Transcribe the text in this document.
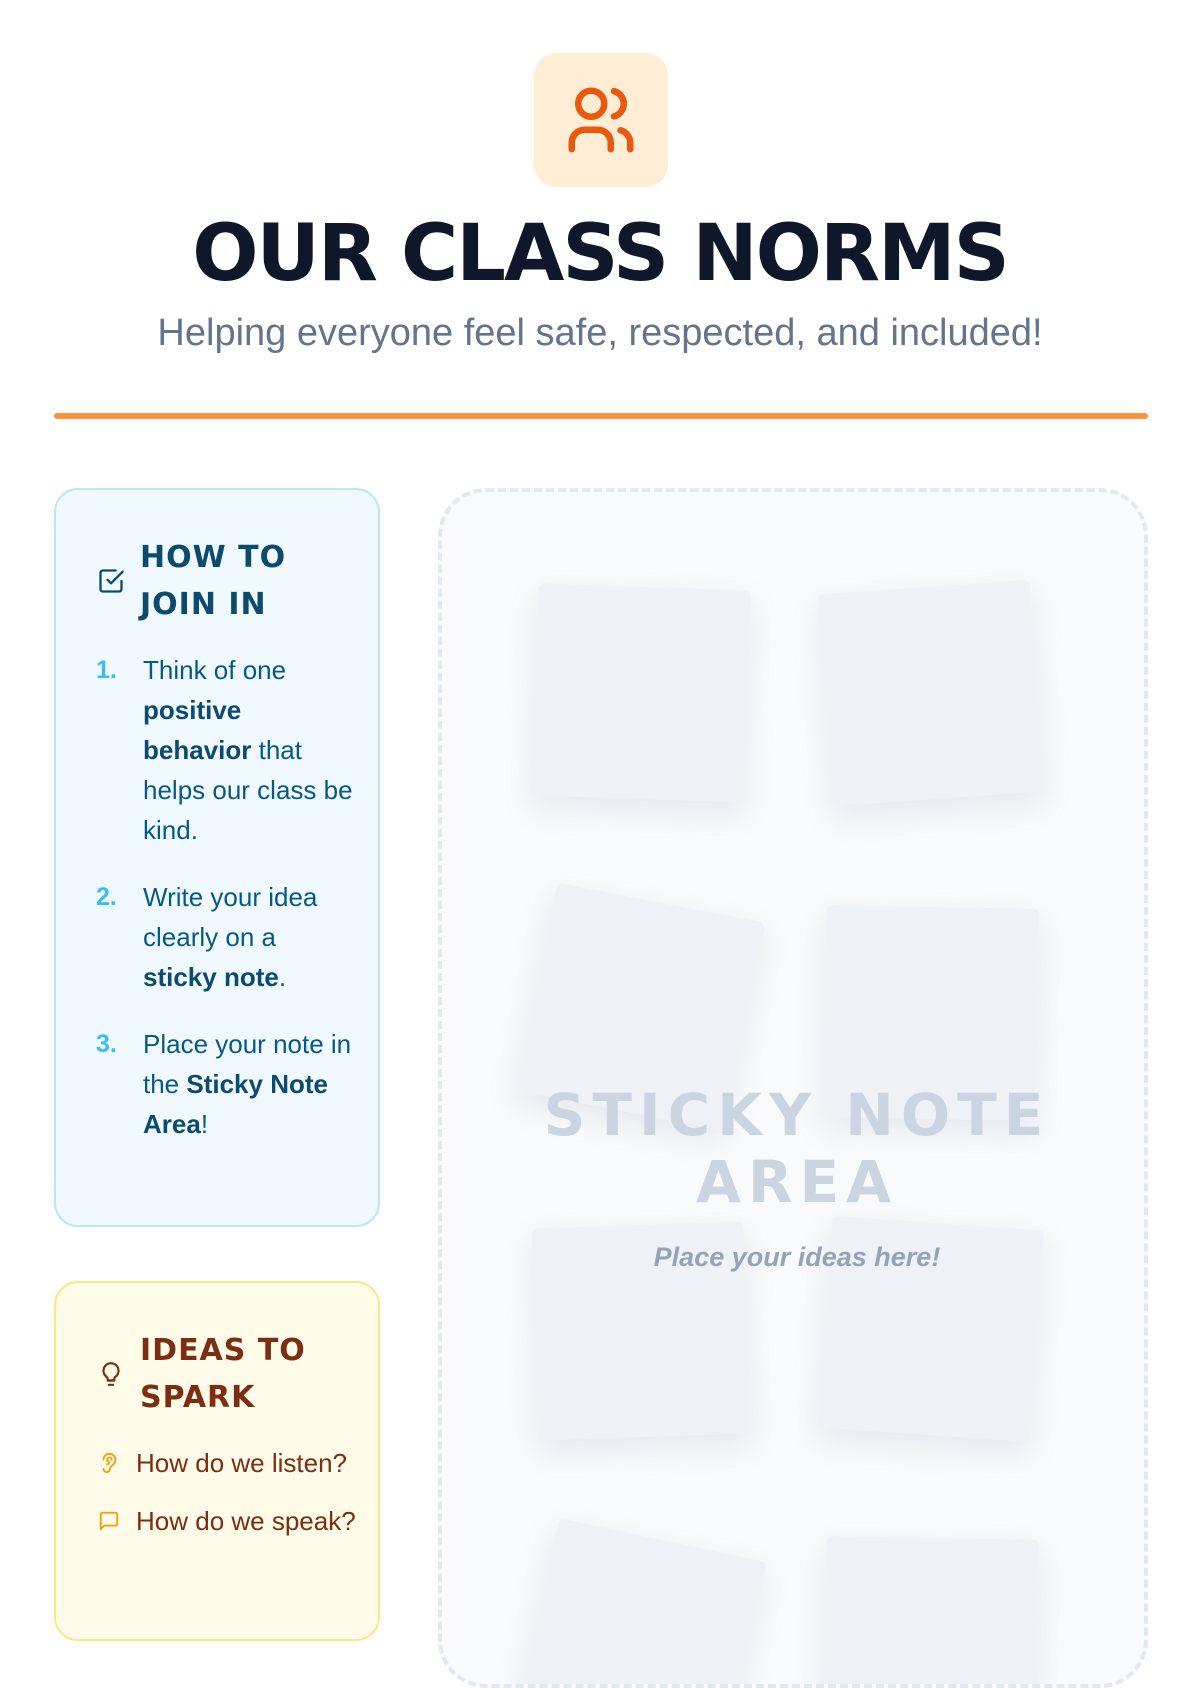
OUR CLASS NORMS

Helping everyone feel safe, respected, and included!

HOW TO JOIN IN
1.	Think of one positive behavior that helps our class be kind.
2.	Write your idea clearly on a sticky note.
3.	Place your note in the Sticky Note Area!
IDEAS TO SPARK
How do we listen?
How do we speak?
STICKY NOTE AREA

Place your ideas here!
